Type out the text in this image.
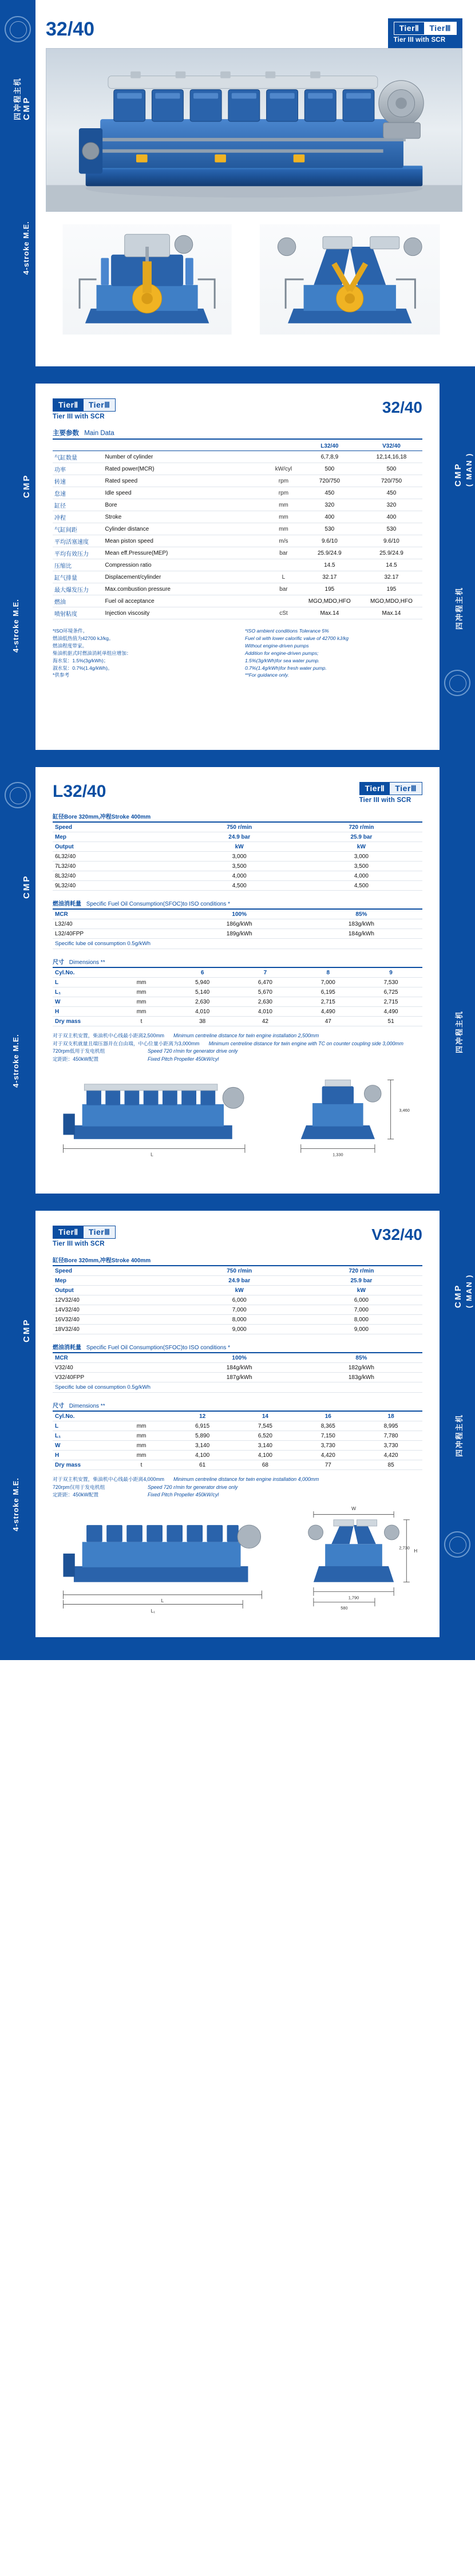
CMP
四冲程主机
4-stroke M.E.
32/40	TierⅡ	TierⅢ
Tier III with SCR
CMP
4-stroke M.E.
CMP ( MAN )
四冲程主机
TierⅡ	TierⅢ
Tier III with SCR
32/40
主要参数 Main Data
			L32/40	V32/40
气缸数量	Number of cylinder		6,7,8,9	12,14,16,18
功率	Rated power(MCR)	kW/cyl	500	500
转速	Rated speed	rpm	720/750	720/750
怠速	Idle speed	rpm	450	450
缸径	Bore	mm	320	320
冲程	Stroke	mm	400	400
气缸间距	Cylinder distance	mm	530	530
平均活塞速度	Mean piston speed	m/s	9.6/10	9.6/10
平均有效压力	Mean eff.Pressure(MEP)	bar	25.9/24.9	25.9/24.9
压缩比	Compression ratio		14.5	14.5
缸气排量	Displacement/cylinder	L	32.17	32.17
最大爆发压力	Max.combustion pressure	bar	195	195
燃油	Fuel oil acceptance		MGO,MDO,HFO	MGO,MDO,HFO
喷射粘度	Injection viscosity	cSt	Max.14	Max.14
*ISO环境条件。
燃油低热值为42700 kJ/kg。
燃油程度带家。
柴油机驱式时燃油消耗单组应增加：
海水泵：1.5%(3g/kWh)；
淑水泵：0.7%(1.4g/kWh)。
*供参考
*ISO ambient conditions Tolerance 5%
Fuel oil with lower calorific value of 42700 kJ/kg
Without engine-driven pumps
Addition for engine-driven pumps;
1.5%(3g/kWh)for sea water pump.
0.7%(1.4g/kWh)for fresh water pump.
**For guidance only.
CMP
4-stroke M.E.
四冲程主机
L32/40	TierⅡ	TierⅢ
Tier III with SCR
缸径Bore 320mm,冲程Stroke 400mm
Speed	750 r/min	720 r/min
Mep	24.9 bar	25.9 bar
Output	kW	kW
6L32/40	3,000	3,000
7L32/40	3,500	3,500
8L32/40	4,000	4,000
9L32/40	4,500	4,500
燃油消耗量 Specific Fuel Oil Consumption(SFOC)to ISO conditions *
MCR	100%	85%
L32/40	186g/kWh	183g/kWh
L32/40FPP	189g/kWh	184g/kWh
Specific lube oil consumption 0.5g/kWh
尺寸 Dimensions **
Cyl.No.		6	7	8	9
L	mm	5,940	6,470	7,000	7,530
L₁	mm	5,140	5,670	6,195	6,725
W	mm	2,630	2,630	2,715	2,715
H	mm	4,010	4,010	4,490	4,490
Dry mass	t	38	42	47	51
对于双主机安置，柴油机中心线最小距离2,500mm Minimum centreline distance for twin engine installation 2,500mm
对于双支机就量且端压器并在自由端，中心位量小距离为3,000mm Minimum centreline distance for twin engine with TC on counter coupling side 3,000mm
720rpm低用于发电机组	Speed 720 r/min for generator drive only
定距距：450kW配置	Fixed Pitch Propeller 450kW/cyl
L
3,460
1,330
CMP
4-stroke M.E.
CMP ( MAN )
四冲程主机
TierⅡ	TierⅢ
Tier III with SCR
V32/40
缸径Bore 320mm,冲程Stroke 400mm
Speed	750 r/min	720 r/min
Mep	24.9 bar	25.9 bar
Output	kW	kW
12V32/40	6,000	6,000
14V32/40	7,000	7,000
16V32/40	8,000	8,000
18V32/40	9,000	9,000
燃油消耗量 Specific Fuel Oil Consumption(SFOC)to ISO conditions *
MCR	100%	85%
V32/40	184g/kWh	182g/kWh
V32/40FPP	187g/kWh	183g/kWh
Specific lube oil consumption 0.5g/kWh
尺寸 Dimensions **
Cyl.No.		12	14	16	18
L	mm	6,915	7,545	8,365	8,995
L₁	mm	5,890	6,520	7,150	7,780
W	mm	3,140	3,140	3,730	3,730
H	mm	4,100	4,100	4,420	4,420
Dry mass	t	61	68	77	85
对于双主机安置，柴油机中心线最小距离4,000mm Minimum centreline distance for twin engine installation 4,000mm
720rpm仅用于发电机组	Speed 720 r/min for generator drive only
定距距：450kW配置	Fixed Pitch Propeller 450kW/cyl
L
L₁
W
H
2,730
1,790
580
